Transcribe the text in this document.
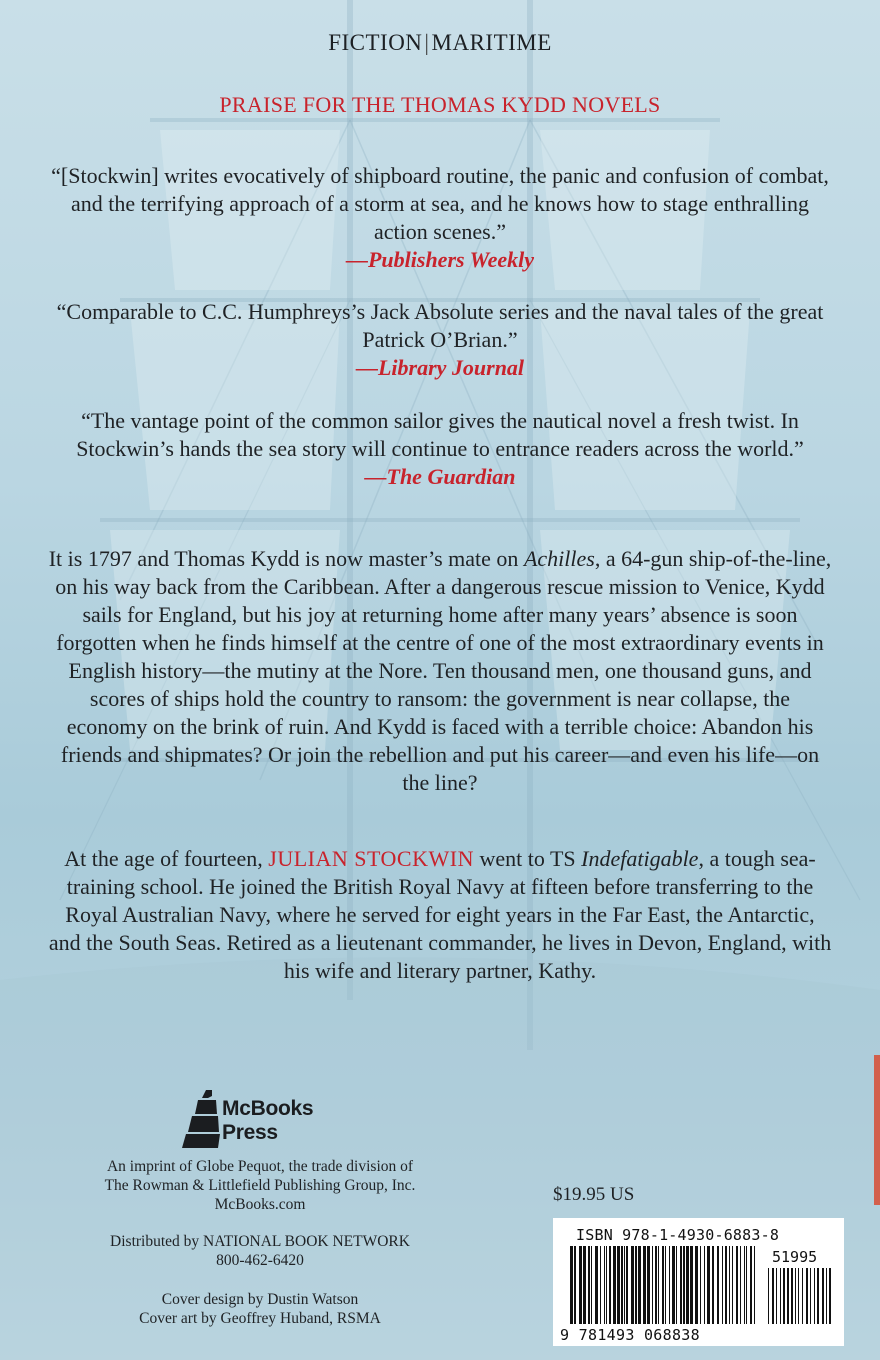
FICTION|MARITIME
PRAISE FOR THE THOMAS KYDD NOVELS
“[Stockwin] writes evocatively of shipboard routine, the panic and confusion of combat, and the terrifying approach of a storm at sea, and he knows how to stage enthralling action scenes.”
—Publishers Weekly
“Comparable to C.C. Humphreys’s Jack Absolute series and the naval tales of the great Patrick O’Brian.”
—Library Journal
“The vantage point of the common sailor gives the nautical novel a fresh twist. In Stockwin’s hands the sea story will continue to entrance readers across the world.”
—The Guardian
It is 1797 and Thomas Kydd is now master’s mate on Achilles, a 64-gun ship-of-the-line, on his way back from the Caribbean. After a dangerous rescue mission to Venice, Kydd sails for England, but his joy at returning home after many years’ absence is soon forgotten when he finds himself at the centre of one of the most extraordinary events in English history—the mutiny at the Nore. Ten thousand men, one thousand guns, and scores of ships hold the country to ransom: the government is near collapse, the economy on the brink of ruin. And Kydd is faced with a terrible choice: Abandon his friends and shipmates? Or join the rebellion and put his career—and even his life—on the line?
At the age of fourteen, JULIAN STOCKWIN went to TS Indefatigable, a tough sea-training school. He joined the British Royal Navy at fifteen before transferring to the Royal Australian Navy, where he served for eight years in the Far East, the Antarctic, and the South Seas. Retired as a lieutenant commander, he lives in Devon, England, with his wife and literary partner, Kathy.
McBooks
Press
An imprint of Globe Pequot, the trade division of
The Rowman & Littlefield Publishing Group, Inc.
McBooks.com
Distributed by NATIONAL BOOK NETWORK
800-462-6420
Cover design by Dustin Watson
Cover art by Geoffrey Huband, RSMA
$19.95 US
ISBN 978-1-4930-6883-8
51995
9 781493 068838
